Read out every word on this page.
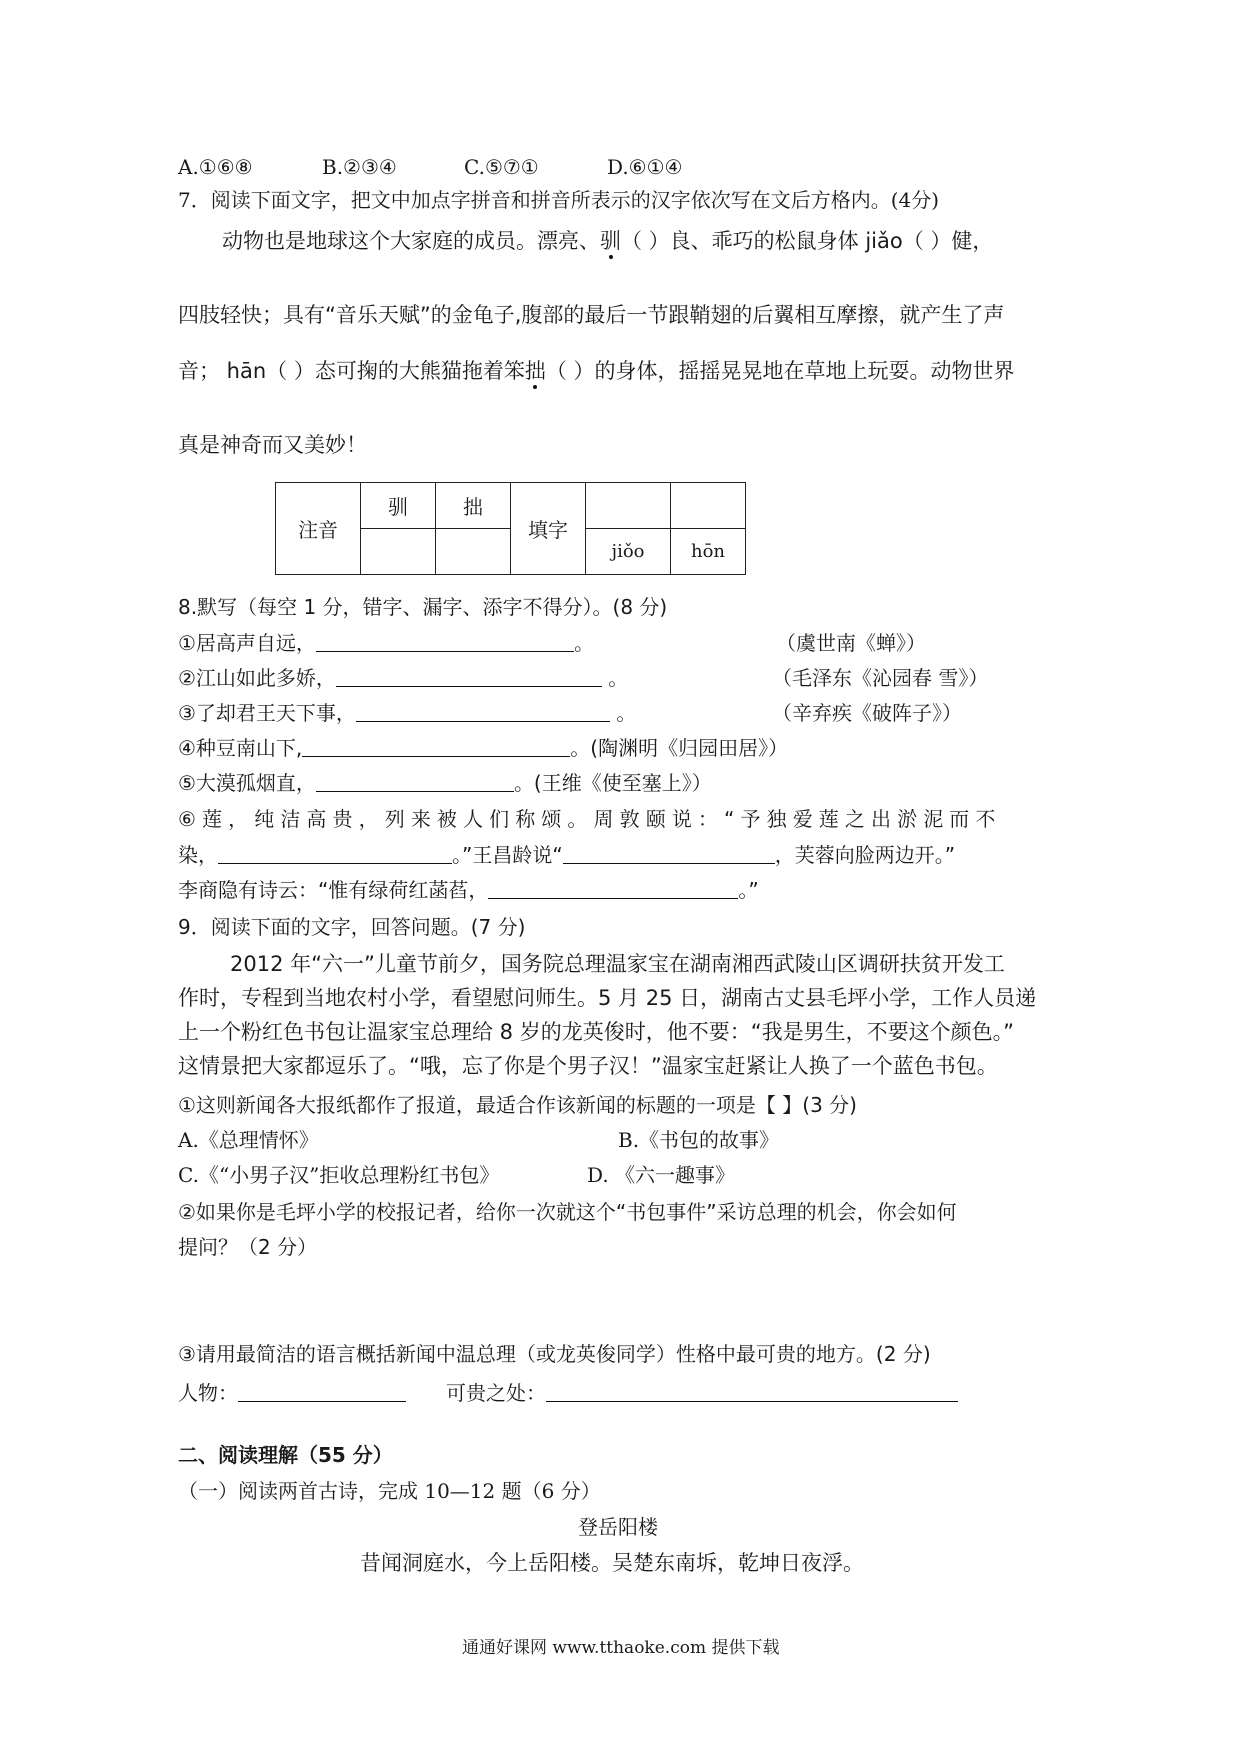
A.①⑥⑧	B.②③④	C.⑤⑦①	D.⑥①④
7．阅读下面文字，把文中加点字拼音和拼音所表示的汉字依次写在文后方格内。(4分)
动物也是地球这个大家庭的成员。漂亮、驯（ ）良、乖巧的松鼠身体 jiǎo（ ）健，
四肢轻快；具有“音乐天赋”的金龟子,腹部的最后一节跟鞘翅的后翼相互摩擦，就产生了声
音； hān（ ）态可掬的大熊猫拖着笨拙（ ）的身体，摇摇晃晃地在草地上玩耍。动物世界
真是神奇而又美妙！
注音	驯	拙	填字		
				jiǒo	hōn
8.默写（每空 1 分，错字、漏字、添字不得分）。(8 分)
①居高声自远，	。	（虞世南《蝉》）
②江山如此多娇，	。	（毛泽东《沁园春 雪》）
③了却君王天下事，	。	（辛弃疾《破阵子》）
④种豆南山下,	。(陶渊明《归园田居》）
⑤大漠孤烟直，	。(王维《使至塞上》）
⑥莲，纯洁高贵，列来被人们称颂。周敦颐说：“予独爱莲之出淤泥而不
染，	。”王昌龄说“	，芙蓉向脸两边开。”
李商隐有诗云：“惟有绿荷红菡萏，	。”
9．阅读下面的文字，回答问题。(7 分)
2012 年“六一”儿童节前夕，国务院总理温家宝在湖南湘西武陵山区调研扶贫开发工
作时，专程到当地农村小学，看望慰问师生。5 月 25 日，湖南古丈县毛坪小学，工作人员递
上一个粉红色书包让温家宝总理给 8 岁的龙英俊时，他不要：“我是男生，不要这个颜色。”
这情景把大家都逗乐了。“哦，忘了你是个男子汉！”温家宝赶紧让人换了一个蓝色书包。
①这则新闻各大报纸都作了报道，最适合作该新闻的标题的一项是【 】(3 分)
A.《总理情怀》	B.《书包的故事》
C.《“小男子汉”拒收总理粉红书包》	D. 《六一趣事》
②如果你是毛坪小学的校报记者，给你一次就这个“书包事件”采访总理的机会，你会如何
提问？（2 分）
③请用最简洁的语言概括新闻中温总理（或龙英俊同学）性格中最可贵的地方。(2 分)
人物：	可贵之处：
二、阅读理解（55 分）
（一）阅读两首古诗，完成 10—12 题（6 分）
登岳阳楼
昔闻洞庭水，今上岳阳楼。吴楚东南坼，乾坤日夜浮。
通通好课网 www.tthaoke.com 提供下载
